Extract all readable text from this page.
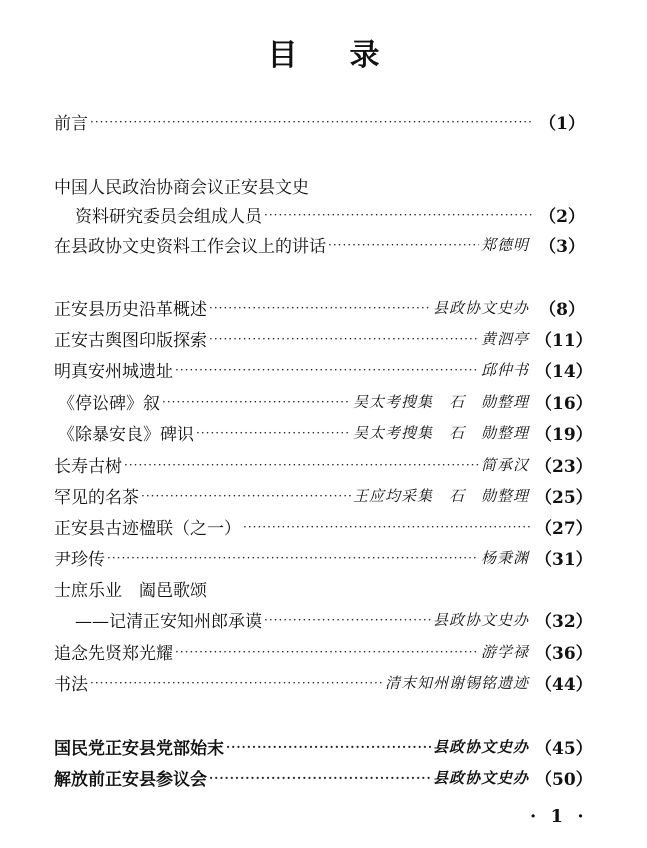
目 录
前言 ·····	（1）
中国人民政治协商会议正安县文史
资料研究委员会组成人员 ·····	（2）
在县政协文史资料工作会议上的讲话 ·····	郑德明 （3）
正安县历史沿革概述 ·····	县政协文史办 （8）
正安古舆图印版探索 ·····	黄泗亭 （11）
明真安州城遗址 ·····	邱仲书 （14）
《停讼碑》叙 ·····	吴太考搜集　石　勋整理 （16）
《除暴安良》碑识 ·····	吴太考搜集　石　勋整理 （19）
长寿古树 ·····	简承汉 （23）
罕见的名茶 ·····	王应均采集　石　勋整理 （25）
正安县古迹楹联（之一） ·····	（27）
尹珍传 ·····	杨秉渊 （31）
士庶乐业　阖邑歌颂
——记清正安知州郎承谟 ·····	县政协文史办 （32）
追念先贤郑光耀 ·····	游学禄 （36）
书法 ·····	清末知州谢锡铭遗迹 （44）
国民党正安县党部始末 ·····	县政协文史办 （45）
解放前正安县参议会 ·····	县政协文史办 （50）
· 1 ·
